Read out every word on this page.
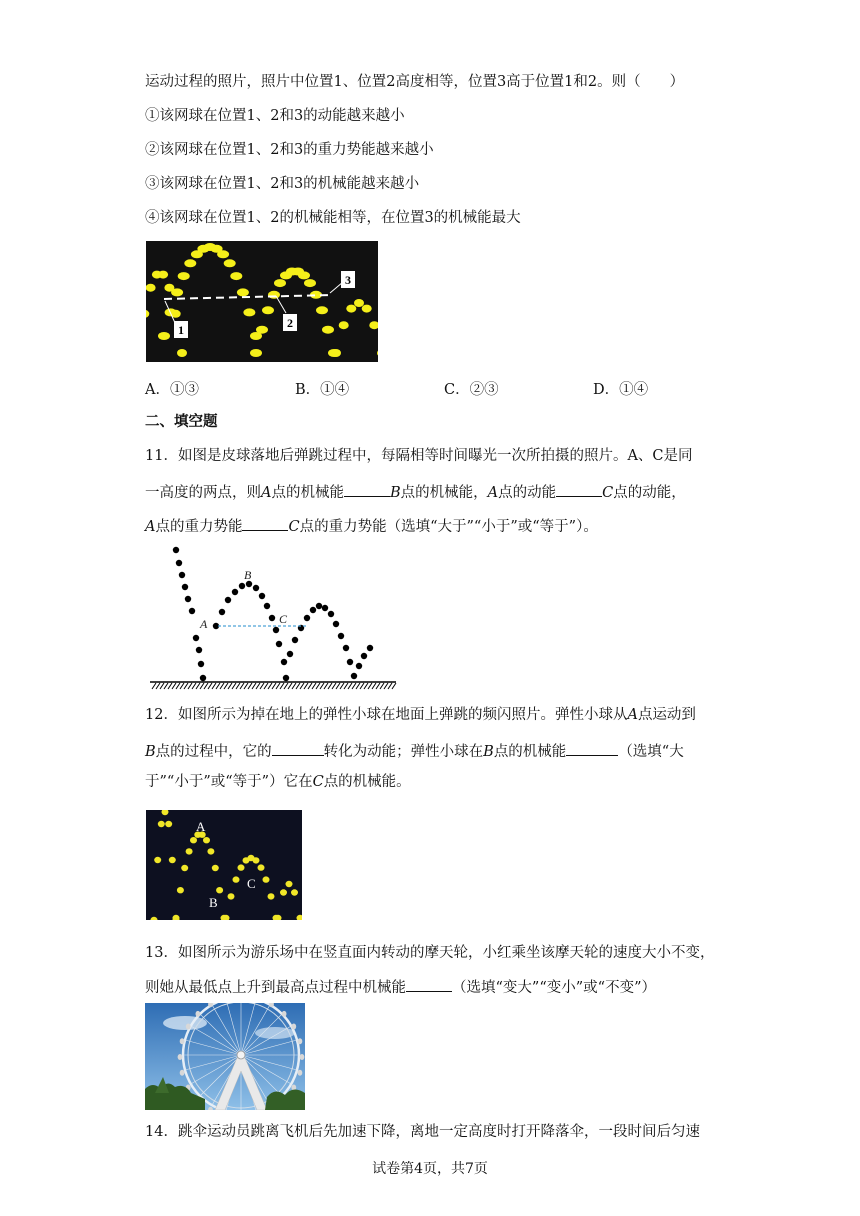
运动过程的照片，照片中位置1、位置2高度相等，位置3高于位置1和2。则（　　）
①该网球在位置1、2和3的动能越来越小
②该网球在位置1、2和3的重力势能越来越小
③该网球在位置1、2和3的机械能越来越小
④该网球在位置1、2的机械能相等，在位置3的机械能最大
1	2
3
A．①③	B．①④	C．②③	D．①④
二、填空题
11．如图是皮球落地后弹跳过程中，每隔相等时间曝光一次所拍摄的照片。A、C是同
一高度的两点，则A点的机械能	B点的机械能，A点的动能	C点的动能，
A点的重力势能	C点的重力势能（选填“大于”“小于”或“等于”）。
A
B
C
12．如图所示为掉在地上的弹性小球在地面上弹跳的频闪照片。弹性小球从A点运动到
B点的过程中，它的	转化为动能；弹性小球在B点的机械能	（选填“大
于”“小于”或“等于”）它在C点的机械能。
A
B
C
13．如图所示为游乐场中在竖直面内转动的摩天轮，小红乘坐该摩天轮的速度大小不变，
则她从最低点上升到最高点过程中机械能	（选填“变大”“变小”或“不变”）
14．跳伞运动员跳离飞机后先加速下降，离地一定高度时打开降落伞，一段时间后匀速
试卷第4页，共7页
